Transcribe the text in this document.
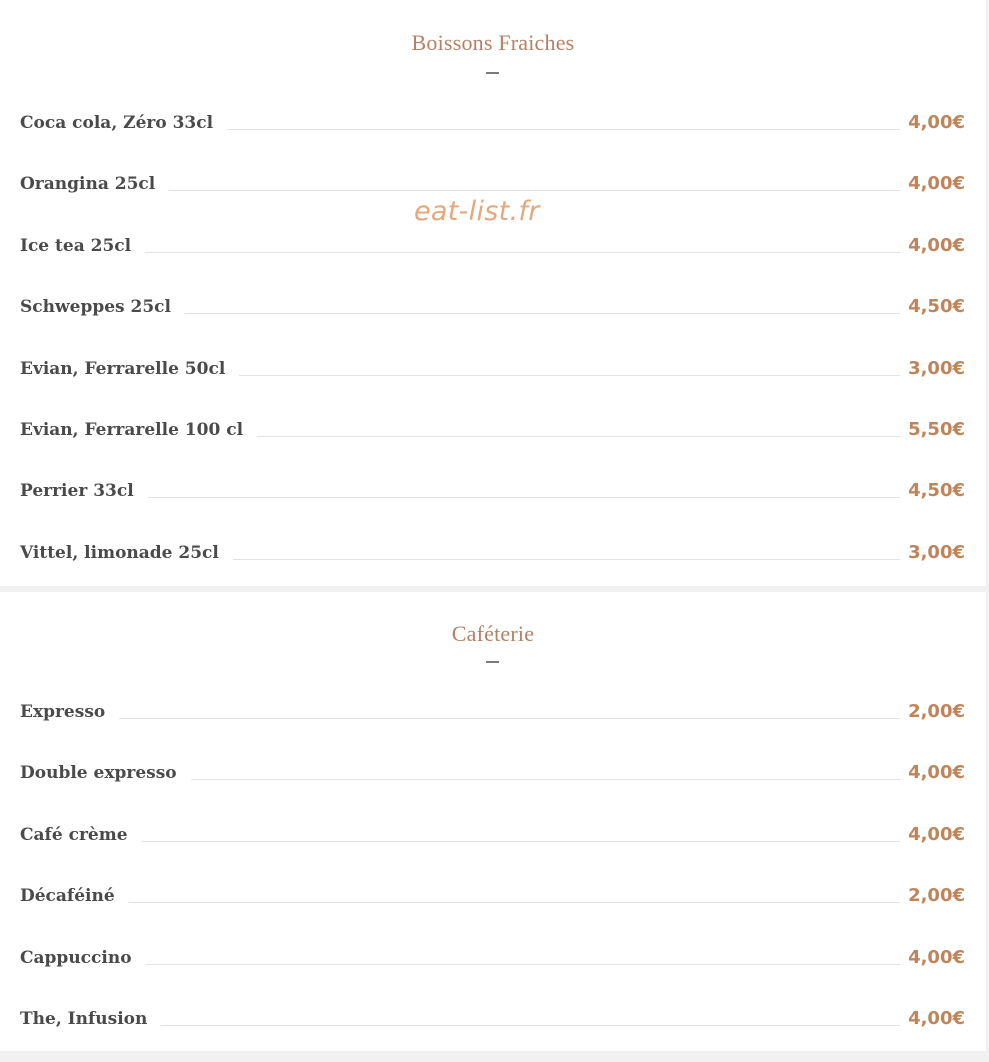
Boissons Fraiches
Coca cola, Zéro 33cl	4,00€
Orangina 25cl	4,00€
Ice tea 25cl	4,00€
Schweppes 25cl	4,50€
Evian, Ferrarelle 50cl	3,00€
Evian, Ferrarelle 100 cl	5,50€
Perrier 33cl	4,50€
Vittel, limonade 25cl	3,00€
eat-list.fr
Caféterie
Expresso	2,00€
Double expresso	4,00€
Café crème	4,00€
Décaféiné	2,00€
Cappuccino	4,00€
The, Infusion	4,00€
